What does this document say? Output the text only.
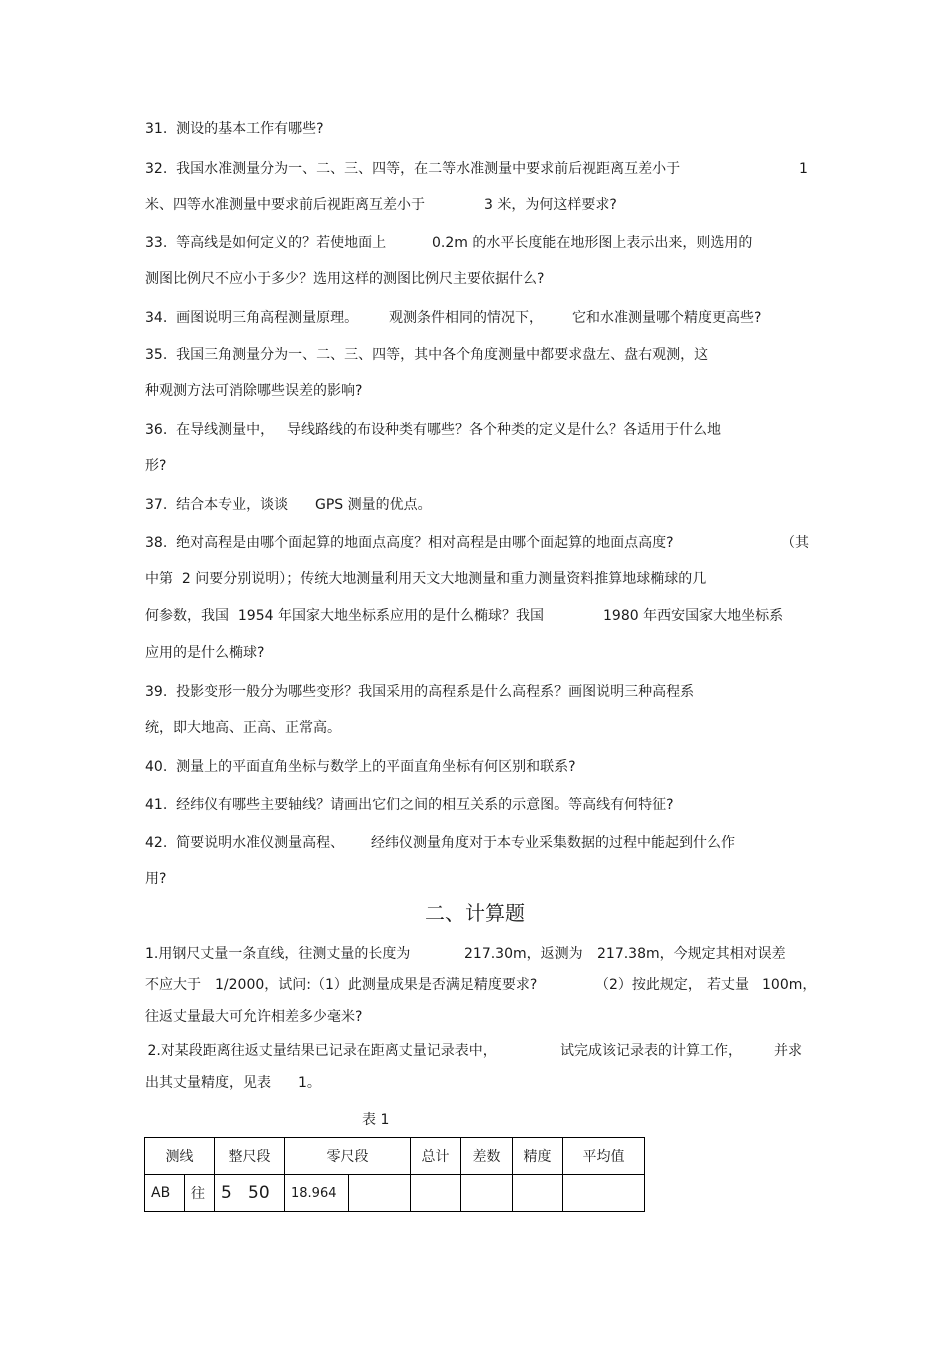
31.  测设的基本工作有哪些?
32.  我国水准测量分为一、二、三、四等，在二等水准测量中要求前后视距离互差小于	1
米、四等水准测量中要求前后视距离互差小于	3 米，为何这样要求?
33.  等高线是如何定义的？若使地面上	0.2m 的水平长度能在地形图上表示出来，则选用的
测图比例尺不应小于多少？选用这样的测图比例尺主要依据什么?
34.  画图说明三角高程测量原理。 观测条件相同的情况下， 它和水准测量哪个精度更高些?
35.  我国三角测量分为一、二、三、四等，其中各个角度测量中都要求盘左、盘右观测，这
种观测方法可消除哪些误差的影响?
36.  在导线测量中， 导线路线的布设种类有哪些？各个种类的定义是什么？各适用于什么地
形?
37.  结合本专业，谈谈 GPS 测量的优点。
38.  绝对高程是由哪个面起算的地面点高度？相对高程是由哪个面起算的地面点高度?	（其
中第  2 问要分别说明）；传统大地测量利用天文大地测量和重力测量资料推算地球椭球的几
何参数，我国  1954 年国家大地坐标系应用的是什么椭球？我国	1980 年西安国家大地坐标系
应用的是什么椭球?
39.  投影变形一般分为哪些变形？我国采用的高程系是什么高程系？画图说明三种高程系
统，即大地高、正高、正常高。
40.  测量上的平面直角坐标与数学上的平面直角坐标有何区别和联系?
41.  经纬仪有哪些主要轴线？请画出它们之间的相互关系的示意图。等高线有何特征?
42.  简要说明水准仪测量高程、 经纬仪测量角度对于本专业采集数据的过程中能起到什么作
用?
二、计算题
1.用钢尺丈量一条直线，往测丈量的长度为	217.30m，返测为 217.38m，今规定其相对误差
不应大于 1/2000，试问:（1）此测量成果是否满足精度要求?	（2）按此规定， 若丈量 100m，
往返丈量最大可允许相差多少毫米?
2.对某段距离往返丈量结果已记录在距离丈量记录表中，	试完成该记录表的计算工作， 并求
出其丈量精度，见表 1。
表 1
测线		整尺段	零尺段		总计	差数	精度	平均值
AB	往	5   50	18.964					
